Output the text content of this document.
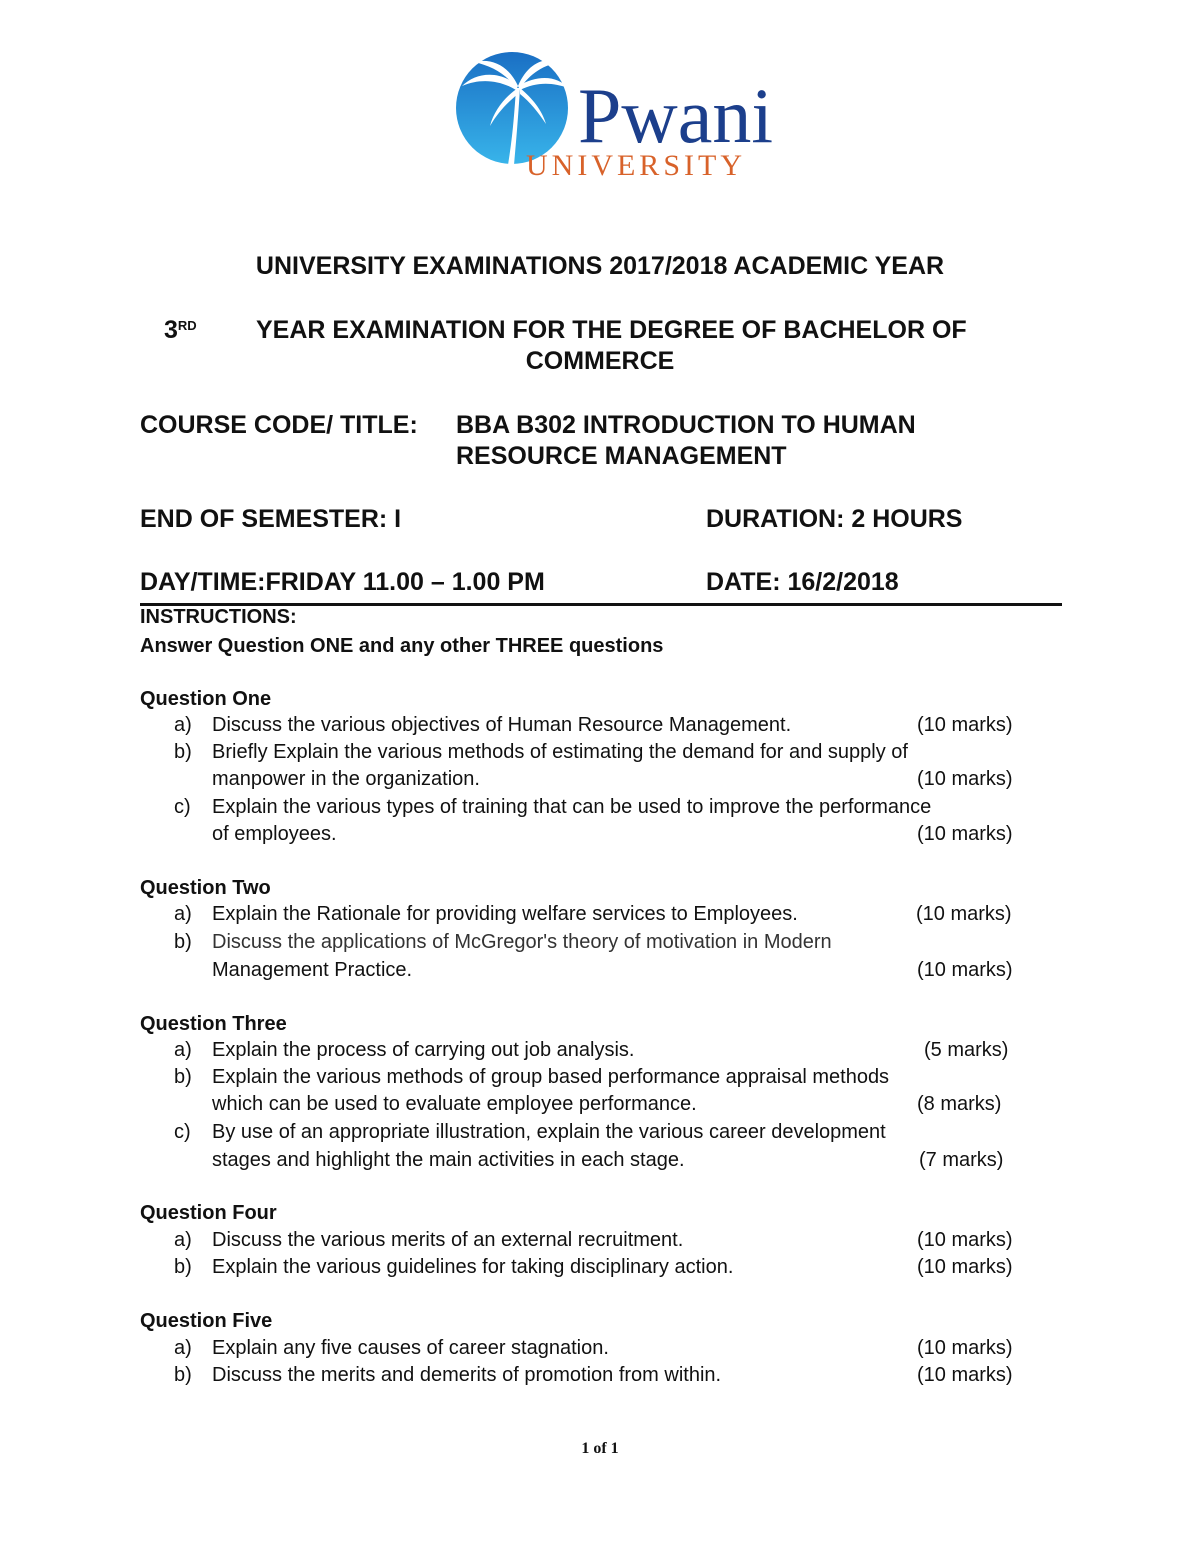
Pwani
UNIVERSITY
UNIVERSITY EXAMINATIONS 2017/2018 ACADEMIC YEAR
3RD YEAR EXAMINATION FOR THE DEGREE OF BACHELOR OF
COMMERCE
COURSE CODE/ TITLE: BBA B302 INTRODUCTION TO HUMAN
RESOURCE MANAGEMENT
END OF SEMESTER: I	DURATION: 2 HOURS
DAY/TIME:FRIDAY 11.00 – 1.00 PM	DATE: 16/2/2018
INSTRUCTIONS:
Answer Question ONE and any other THREE questions
Question One
a)	Discuss the various objectives of Human Resource Management.	(10 marks)
b)	Briefly Explain the various methods of estimating the demand for and supply of
manpower in the organization.	(10 marks)
c)	Explain the various types of training that can be used to improve the performance
of employees.	(10 marks)
Question Two
a)	Explain the Rationale for providing welfare services to Employees.	(10 marks)
b)	Discuss the applications of McGregor's theory of motivation in Modern
Management Practice.	(10 marks)
Question Three
a)	Explain the process of carrying out job analysis.	(5 marks)
b)	Explain the various methods of group based performance appraisal methods
which can be used to evaluate employee performance.	(8 marks)
c)	By use of an appropriate illustration, explain the various career development
stages and highlight the main activities in each stage.	(7 marks)
Question Four
a)	Discuss the various merits of an external recruitment.	(10 marks)
b)	Explain the various guidelines for taking disciplinary action.	(10 marks)
Question Five
a)	Explain any five causes of career stagnation.	(10 marks)
b)	Discuss the merits and demerits of promotion from within.	(10 marks)
1 of 1
